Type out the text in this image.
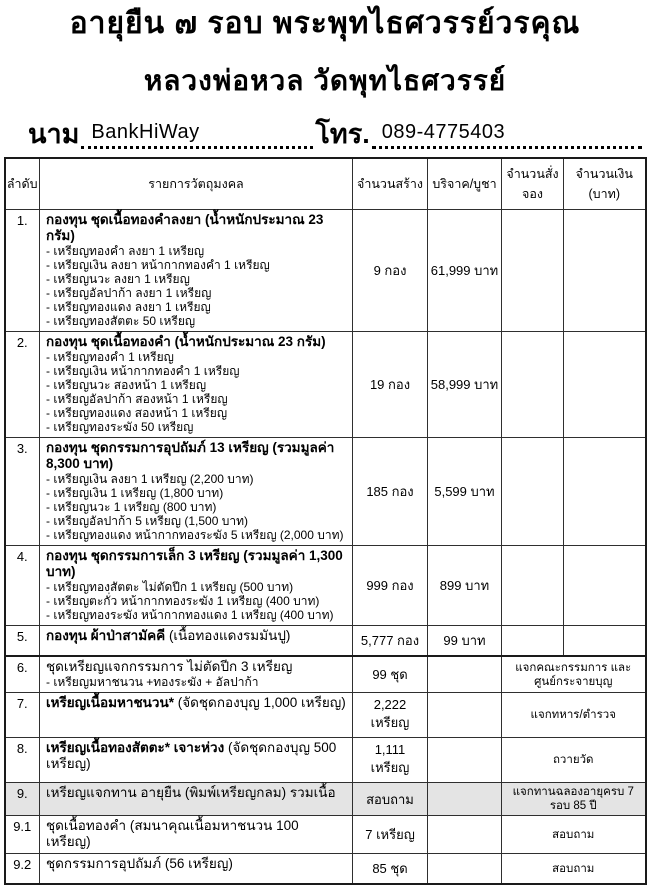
อายุยืน ๗ รอบ พระพุทไธศวรรย์วรคุณ
หลวงพ่อหวล วัดพุทไธศวรรย์
นาม BankHiWay	โทร. 089-4775403
ลำดับ	รายการวัตถุมงคล	จำนวนสร้าง	บริจาค/บูชา	จำนวนสั่งจอง	จำนวนเงิน (บาท)
1.	กองทุน ชุดเนื้อทองคำลงยา (น้ำหนักประมาณ 23 กรัม)
- เหรียญทองคำ ลงยา 1 เหรียญ
- เหรียญเงิน ลงยา หน้ากากทองคำ 1 เหรียญ
- เหรียญนวะ ลงยา 1 เหรียญ
- เหรียญอัลปาก้า ลงยา 1 เหรียญ
- เหรียญทองแดง ลงยา 1 เหรียญ
- เหรียญทองสัตตะ 50 เหรียญ
	9 กอง	61,999 บาท		
2.	กองทุน ชุดเนื้อทองคำ (น้ำหนักประมาณ 23 กรัม)
- เหรียญทองคำ 1 เหรียญ
- เหรียญเงิน หน้ากากทองคำ 1 เหรียญ
- เหรียญนวะ สองหน้า 1 เหรียญ
- เหรียญอัลปาก้า สองหน้า 1 เหรียญ
- เหรียญทองแดง สองหน้า 1 เหรียญ
- เหรียญทองระฆัง 50 เหรียญ
	19 กอง	58,999 บาท		
3.	กองทุน ชุดกรรมการอุปถัมภ์ 13 เหรียญ (รวมมูลค่า 8,300 บาท)
- เหรียญเงิน ลงยา 1 เหรียญ (2,200 บาท)
- เหรียญเงิน 1 เหรียญ (1,800 บาท)
- เหรียญนวะ 1 เหรียญ (800 บาท)
- เหรียญอัลปาก้า 5 เหรียญ (1,500 บาท)
- เหรียญทองแดง หน้ากากทองระฆัง 5 เหรียญ (2,000 บาท)
	185 กอง	5,599 บาท		
4.	กองทุน ชุดกรรมการเล็ก 3 เหรียญ (รวมมูลค่า 1,300 บาท)
- เหรียญทองสัตตะ ไม่ตัดปีก 1 เหรียญ (500 บาท)
- เหรียญตะกั่ว หน้ากากทองระฆัง 1 เหรียญ (400 บาท)
- เหรียญทองระฆัง หน้ากากทองแดง 1 เหรียญ (400 บาท)	999 กอง	899 บาท		
5.	กองทุน ผ้าป่าสามัคคี (เนื้อทองแดงรมมันปู)	5,777 กอง	99 บาท		
6.	ชุดเหรียญแจกกรรมการ ไม่ตัดปีก 3 เหรียญ
- เหรียญมหาชนวน +ทองระฆัง + อัลปาก้า	99 ชุด		แจกคณะกรรมการ และศูนย์กระจายบุญ	
7.	เหรียญเนื้อมหาชนวน* (จัดชุดกองบุญ 1,000 เหรียญ)	2,222 เหรียญ		แจกทหาร/ตำรวจ	
8.	เหรียญเนื้อทองสัตตะ* เจาะห่วง (จัดชุดกองบุญ 500 เหรียญ)	1,111 เหรียญ		ถวายวัด	
9.	เหรียญแจกทาน อายุยืน (พิมพ์เหรียญกลม) รวมเนื้อ	สอบถาม		แจกทานฉลองอายุครบ 7 รอบ 85 ปี	
9.1	ชุดเนื้อทองคำ (สมนาคุณเนื้อมหาชนวน 100 เหรียญ)	7 เหรียญ		สอบถาม	
9.2	ชุดกรรมการอุปถัมภ์ (56 เหรียญ)	85 ชุด		สอบถาม	
